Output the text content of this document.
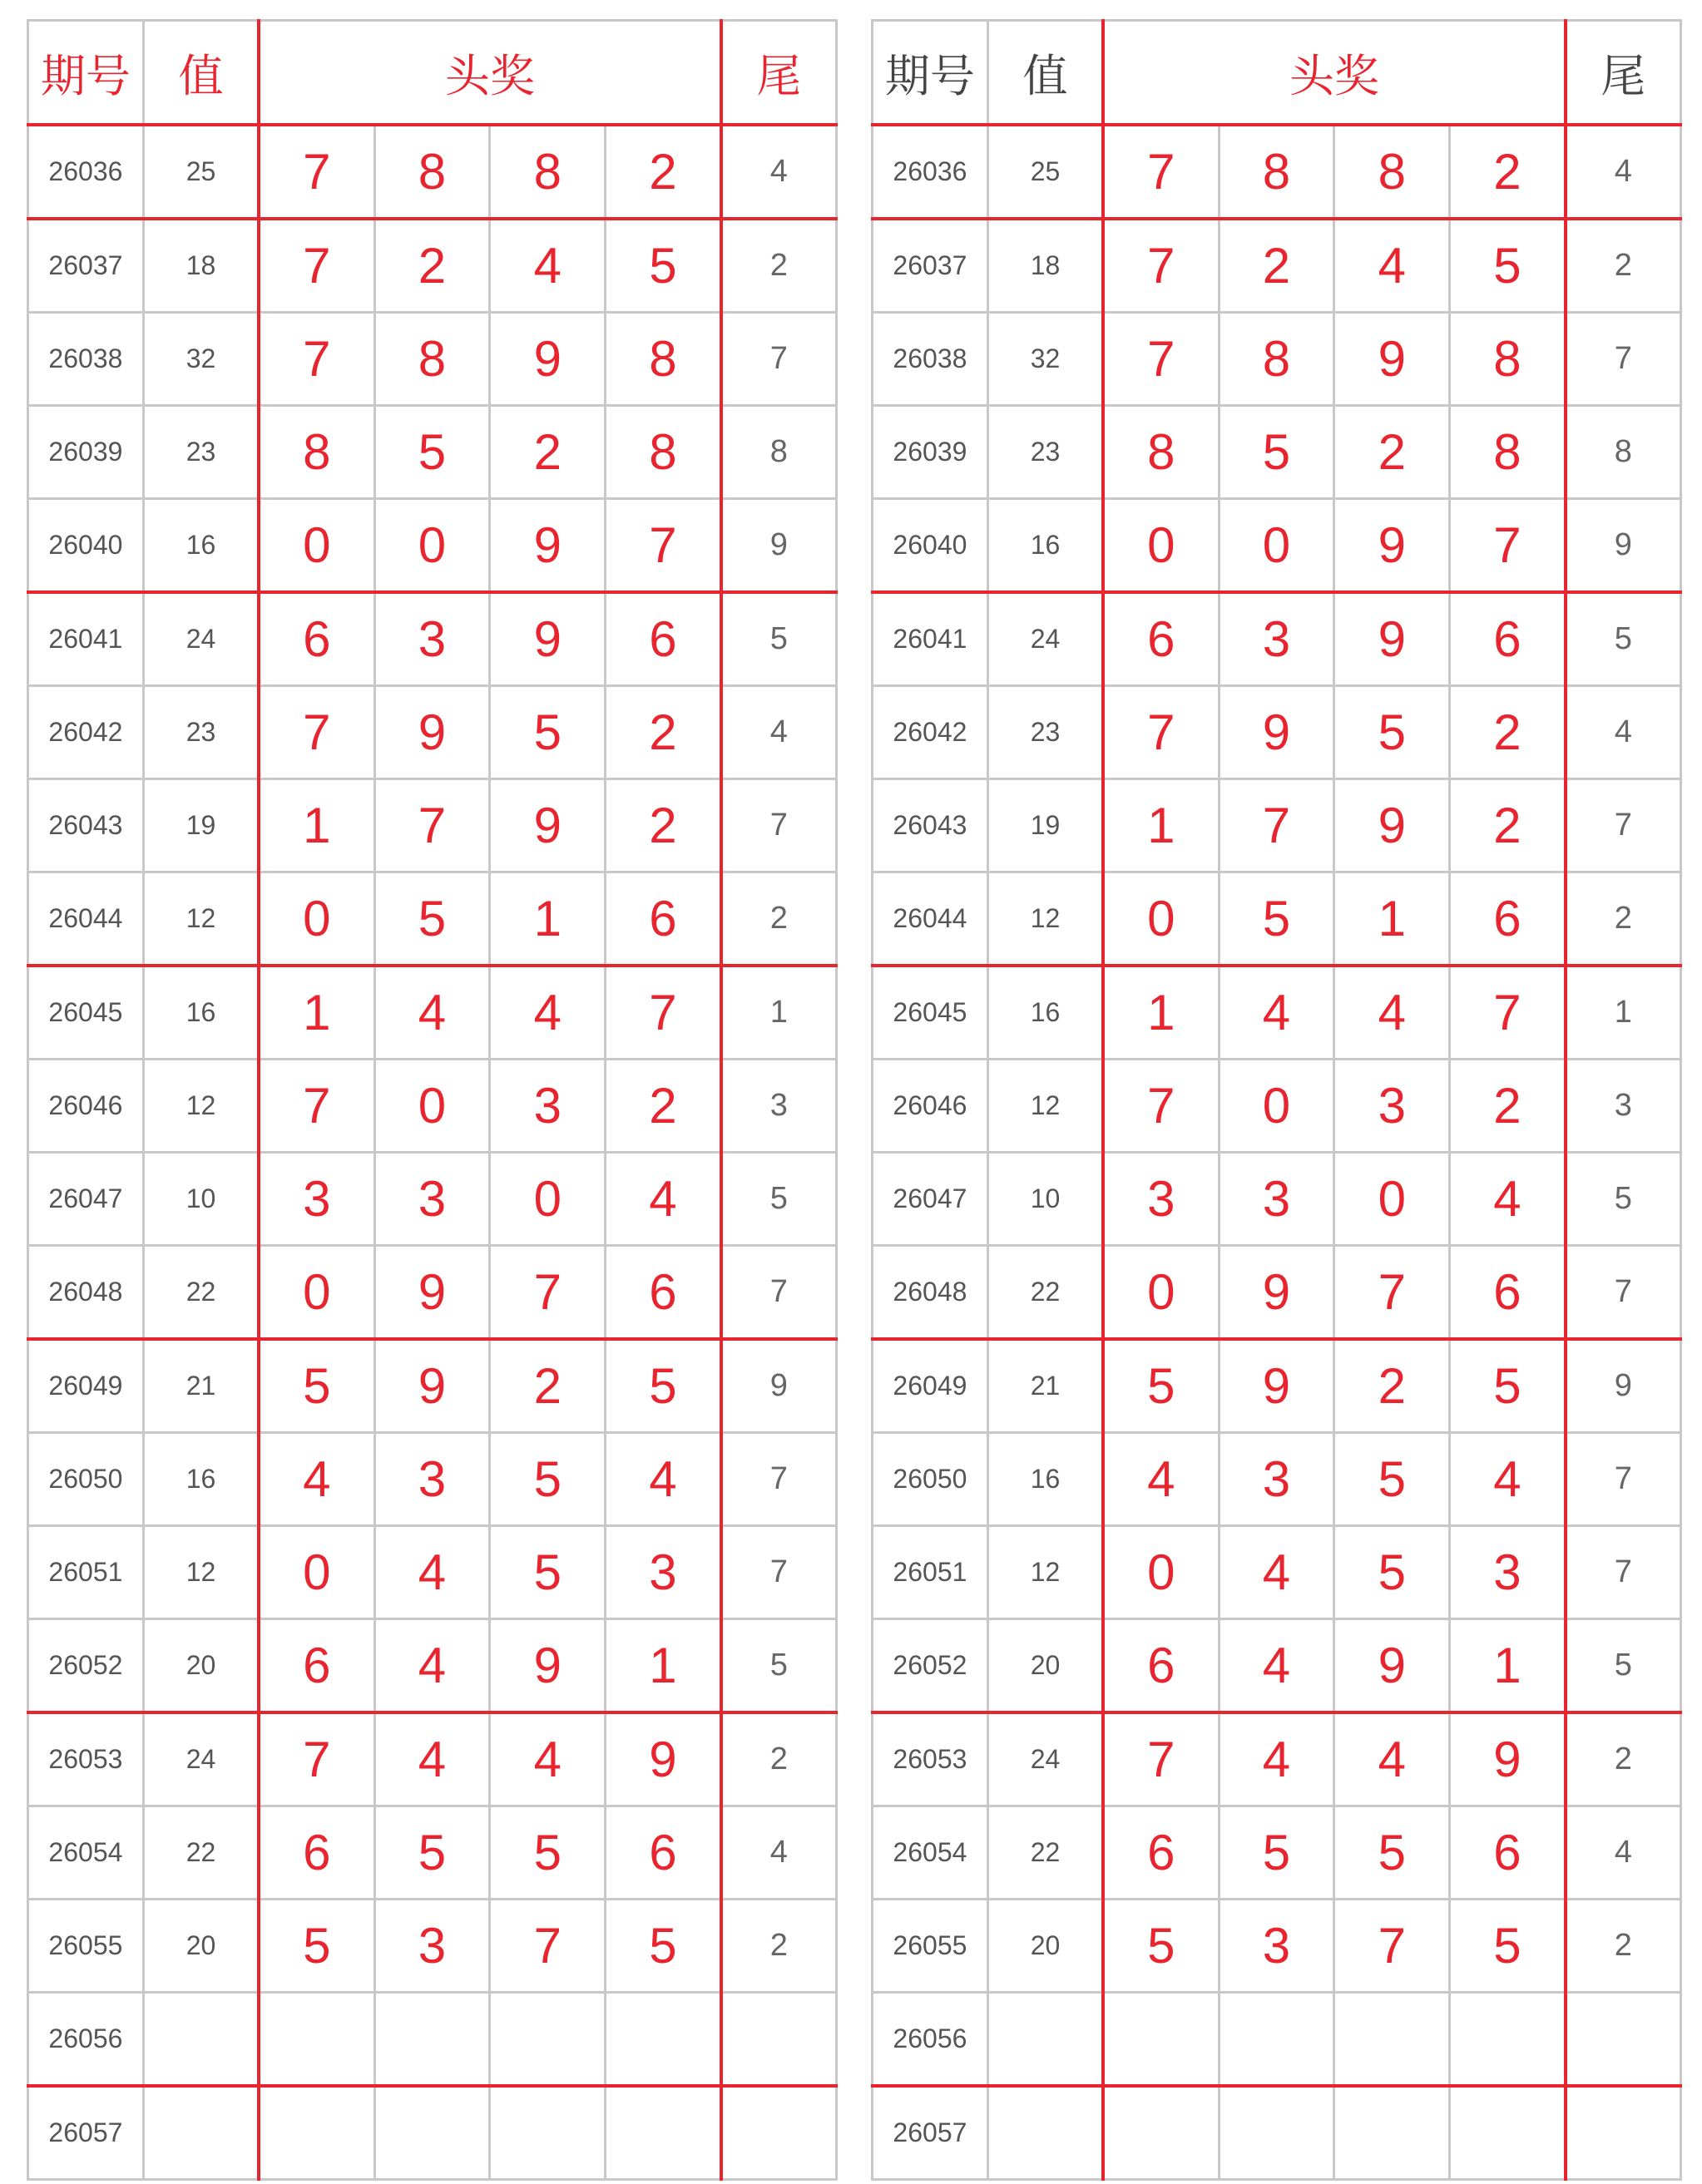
期号	值	头奖				尾
26036	25	7	8	8	2	4
26037	18	7	2	4	5	2
26038	32	7	8	9	8	7
26039	23	8	5	2	8	8
26040	16	0	0	9	7	9
26041	24	6	3	9	6	5
26042	23	7	9	5	2	4
26043	19	1	7	9	2	7
26044	12	0	5	1	6	2
26045	16	1	4	4	7	1
26046	12	7	0	3	2	3
26047	10	3	3	0	4	5
26048	22	0	9	7	6	7
26049	21	5	9	2	5	9
26050	16	4	3	5	4	7
26051	12	0	4	5	3	7
26052	20	6	4	9	1	5
26053	24	7	4	4	9	2
26054	22	6	5	5	6	4
26055	20	5	3	7	5	2
26056						
26057						
期号	值	头奖				尾
26036	25	7	8	8	2	4
26037	18	7	2	4	5	2
26038	32	7	8	9	8	7
26039	23	8	5	2	8	8
26040	16	0	0	9	7	9
26041	24	6	3	9	6	5
26042	23	7	9	5	2	4
26043	19	1	7	9	2	7
26044	12	0	5	1	6	2
26045	16	1	4	4	7	1
26046	12	7	0	3	2	3
26047	10	3	3	0	4	5
26048	22	0	9	7	6	7
26049	21	5	9	2	5	9
26050	16	4	3	5	4	7
26051	12	0	4	5	3	7
26052	20	6	4	9	1	5
26053	24	7	4	4	9	2
26054	22	6	5	5	6	4
26055	20	5	3	7	5	2
26056						
26057						
